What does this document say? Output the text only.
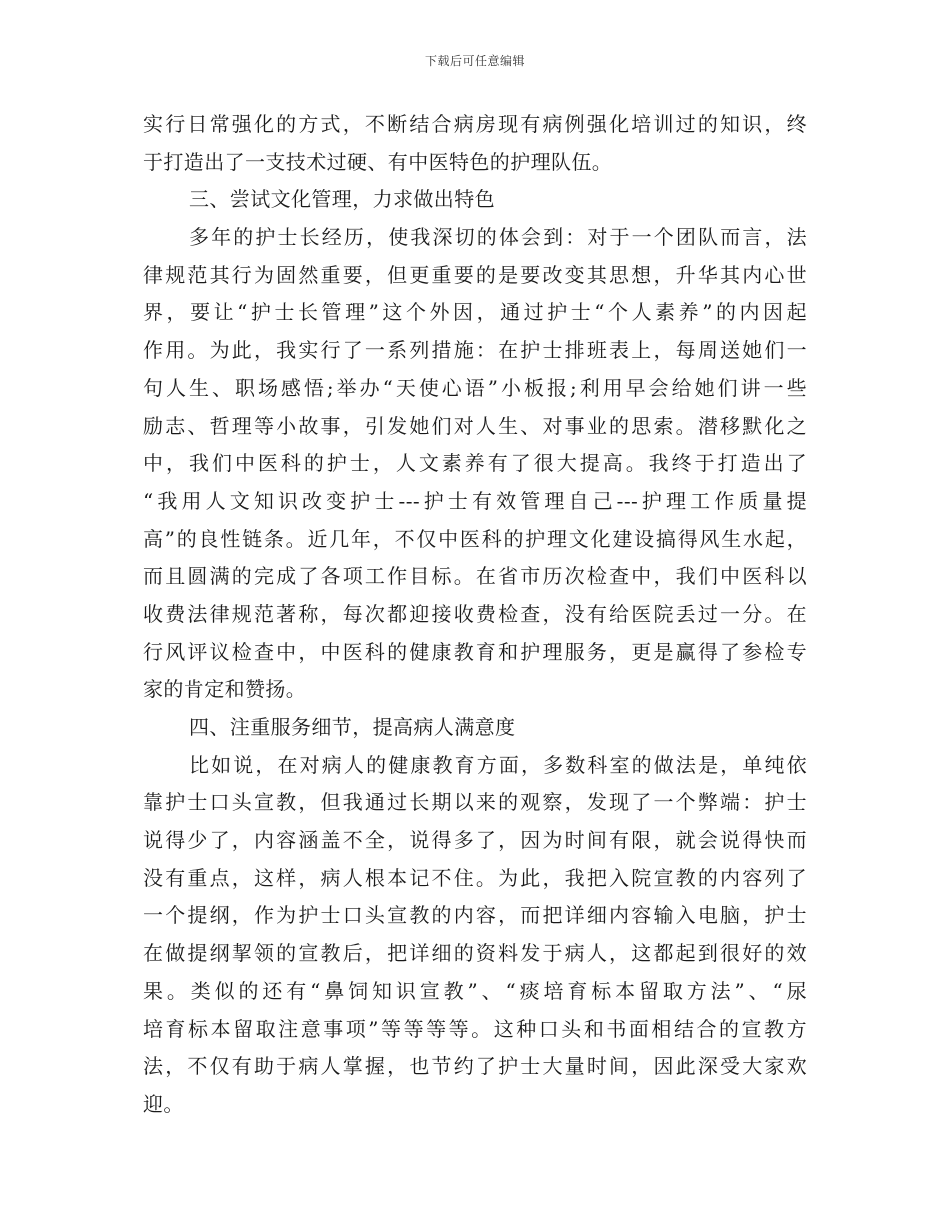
下载后可任意编辑
实行日常强化的方式，不断结合病房现有病例强化培训过的知识，终
于打造出了一支技术过硬、有中医特色的护理队伍。
三、尝试文化管理，力求做出特色
多年的护士长经历，使我深切的体会到：对于一个团队而言，法
律规范其行为固然重要，但更重要的是要改变其思想，升华其内心世
界，要让“护士长管理”这个外因，通过护士“个人素养”的内因起
作用。为此，我实行了一系列措施：在护士排班表上，每周送她们一
句人生、职场感悟;举办“天使心语”小板报;利用早会给她们讲一些
励志、哲理等小故事，引发她们对人生、对事业的思索。潜移默化之
中，我们中医科的护士，人文素养有了很大提高。我终于打造出了
“我用人文知识改变护士---护士有效管理自己---护理工作质量提
高”的良性链条。近几年，不仅中医科的护理文化建设搞得风生水起，
而且圆满的完成了各项工作目标。在省市历次检查中，我们中医科以
收费法律规范著称，每次都迎接收费检查，没有给医院丢过一分。在
行风评议检查中，中医科的健康教育和护理服务，更是赢得了参检专
家的肯定和赞扬。
四、注重服务细节，提高病人满意度
比如说，在对病人的健康教育方面，多数科室的做法是，单纯依
靠护士口头宣教，但我通过长期以来的观察，发现了一个弊端：护士
说得少了，内容涵盖不全，说得多了，因为时间有限，就会说得快而
没有重点，这样，病人根本记不住。为此，我把入院宣教的内容列了
一个提纲，作为护士口头宣教的内容，而把详细内容输入电脑，护士
在做提纲挈领的宣教后，把详细的资料发于病人，这都起到很好的效
果。类似的还有“鼻饲知识宣教”、“痰培育标本留取方法”、“尿
培育标本留取注意事项”等等等等。这种口头和书面相结合的宣教方
法，不仅有助于病人掌握，也节约了护士大量时间，因此深受大家欢
迎。
